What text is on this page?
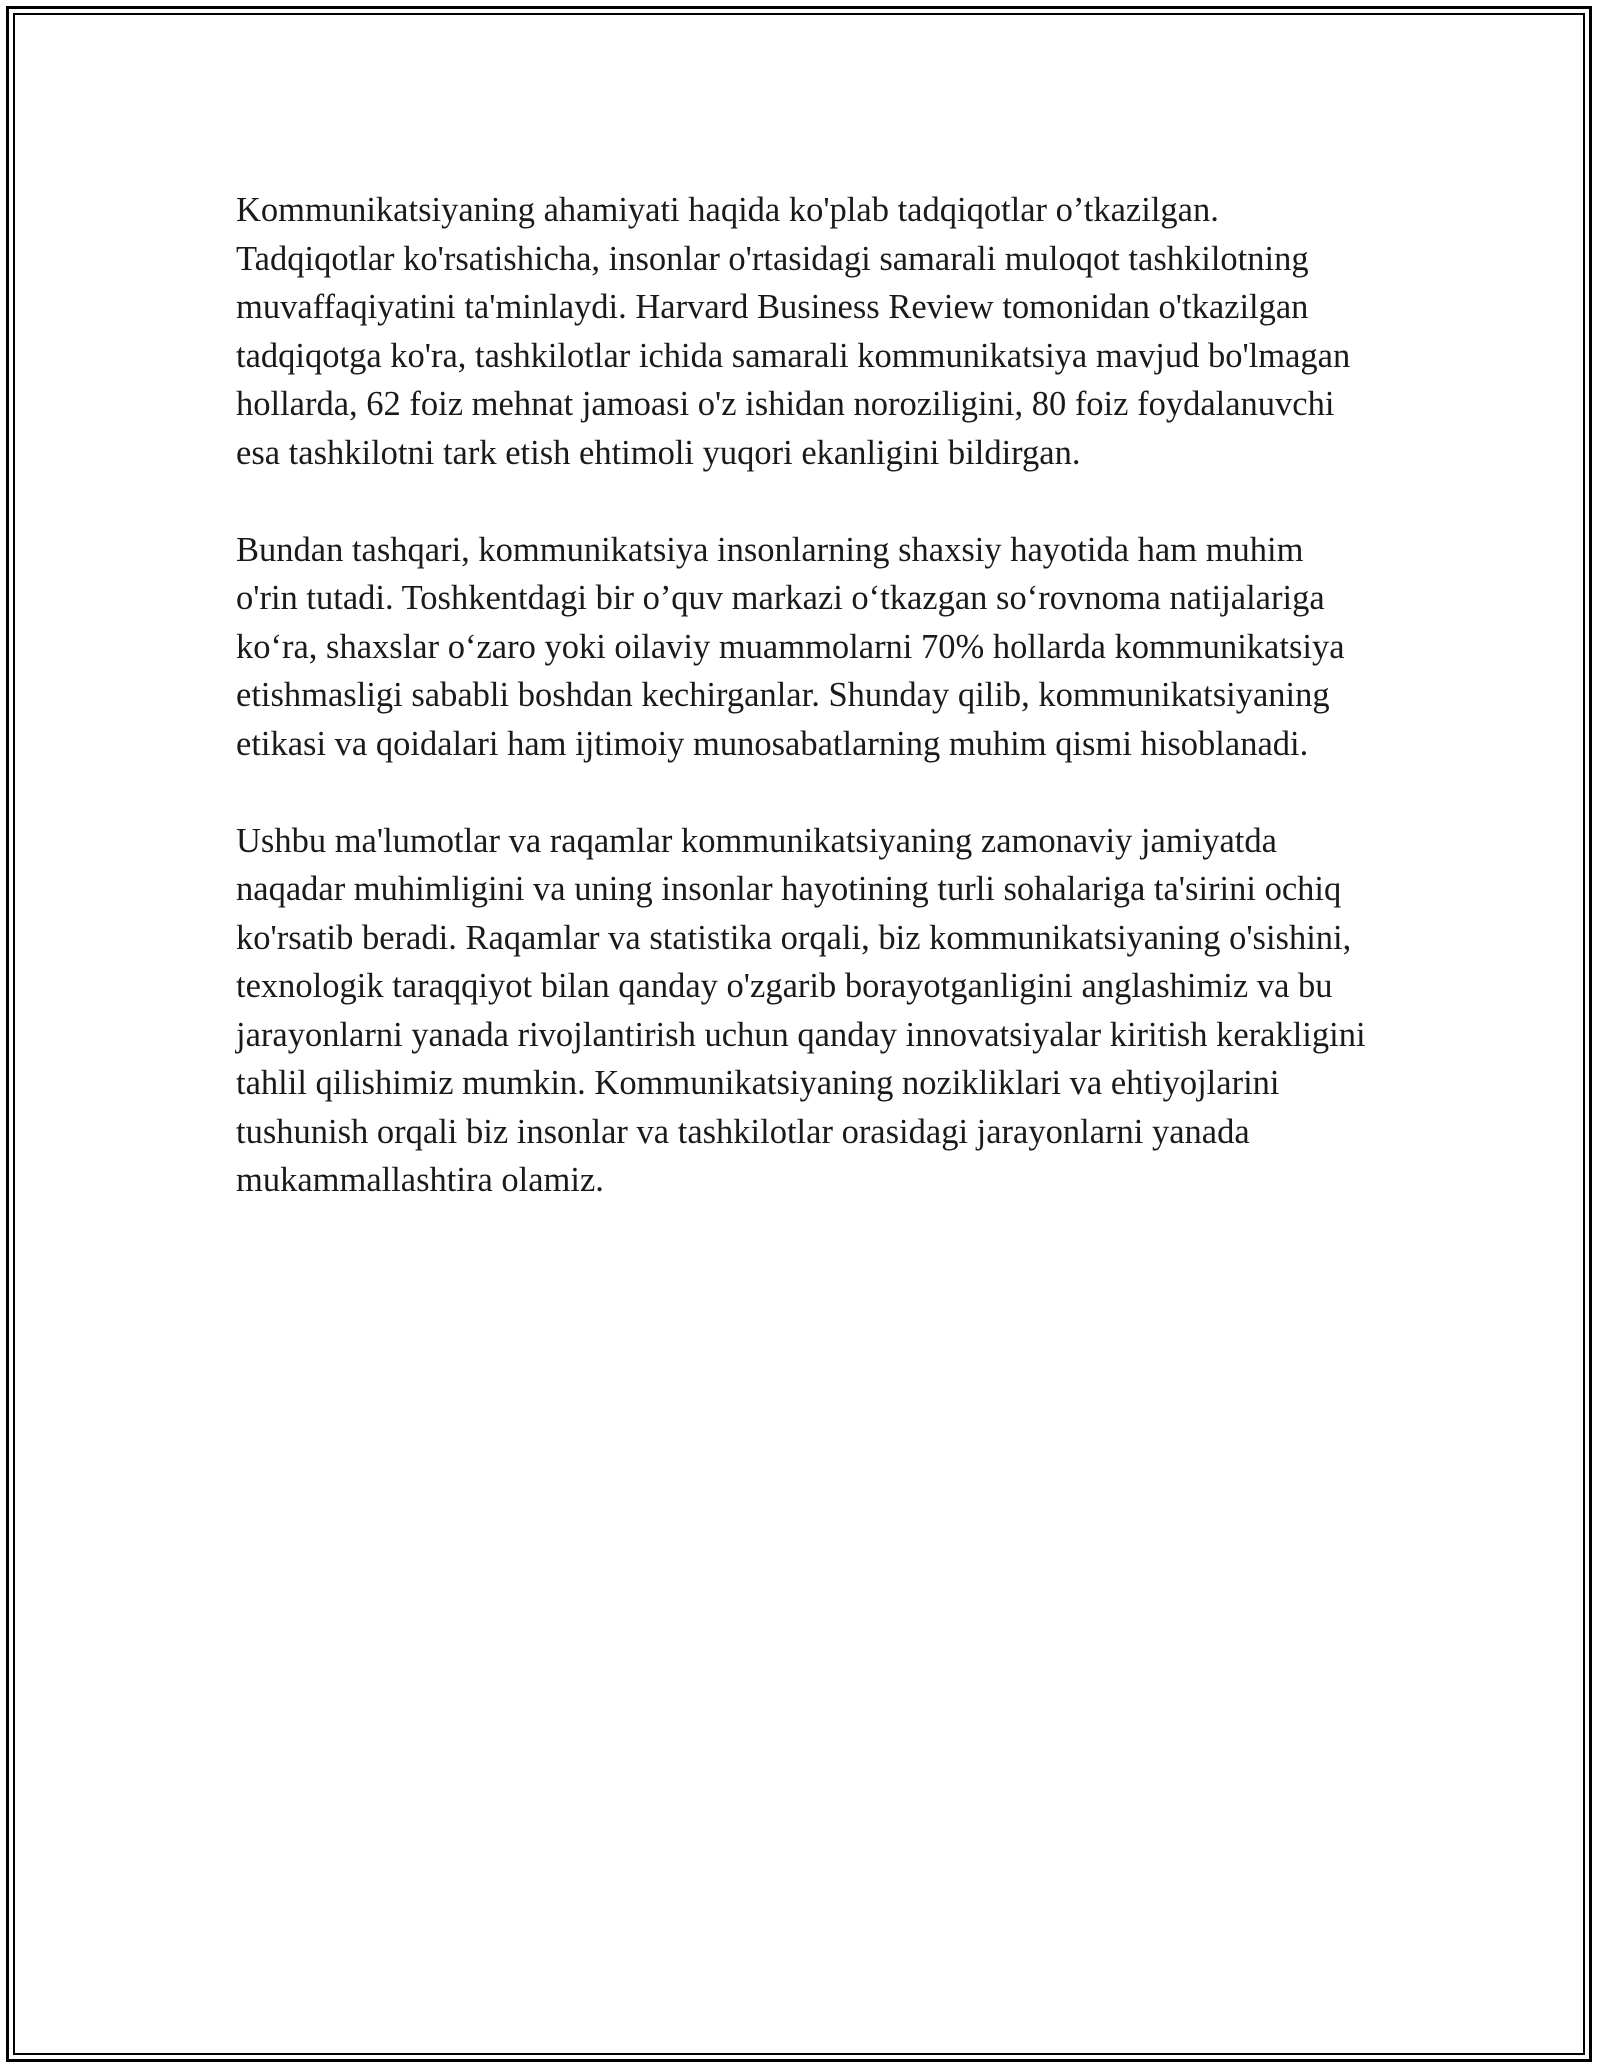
Kommunikatsiyaning ahamiyati haqida ko'plab tadqiqotlar o’tkazilgan. Tadqiqotlar ko'rsatishicha, insonlar o'rtasidagi samarali muloqot tashkilotning muvaffaqiyatini ta'minlaydi. Harvard Business Review tomonidan o'tkazilgan tadqiqotga ko'ra, tashkilotlar ichida samarali kommunikatsiya mavjud bo'lmagan hollarda, 62 foiz mehnat jamoasi o'z ishidan noroziligini, 80 foiz foydalanuvchi esa tashkilotni tark etish ehtimoli yuqori ekanligini bildirgan.

Bundan tashqari, kommunikatsiya insonlarning shaxsiy hayotida ham muhim o'rin tutadi. Toshkentdagi bir o’quv markazi o‘tkazgan so‘rovnoma natijalariga ko‘ra, shaxslar o‘zaro yoki oilaviy muammolarni 70% hollarda kommunikatsiya etishmasligi sababli boshdan kechirganlar. Shunday qilib, kommunikatsiyaning etikasi va qoidalari ham ijtimoiy munosabatlarning muhim qismi hisoblanadi.

Ushbu ma'lumotlar va raqamlar kommunikatsiyaning zamonaviy jamiyatda naqadar muhimligini va uning insonlar hayotining turli sohalariga ta'sirini ochiq ko'rsatib beradi. Raqamlar va statistika orqali, biz kommunikatsiyaning o'sishini, texnologik taraqqiyot bilan qanday o'zgarib borayotganligini anglashimiz va bu jarayonlarni yanada rivojlantirish uchun qanday innovatsiyalar kiritish kerakligini tahlil qilishimiz mumkin. Kommunikatsiyaning nozikliklari va ehtiyojlarini tushunish orqali biz insonlar va tashkilotlar orasidagi jarayonlarni yanada mukammallashtira olamiz.
